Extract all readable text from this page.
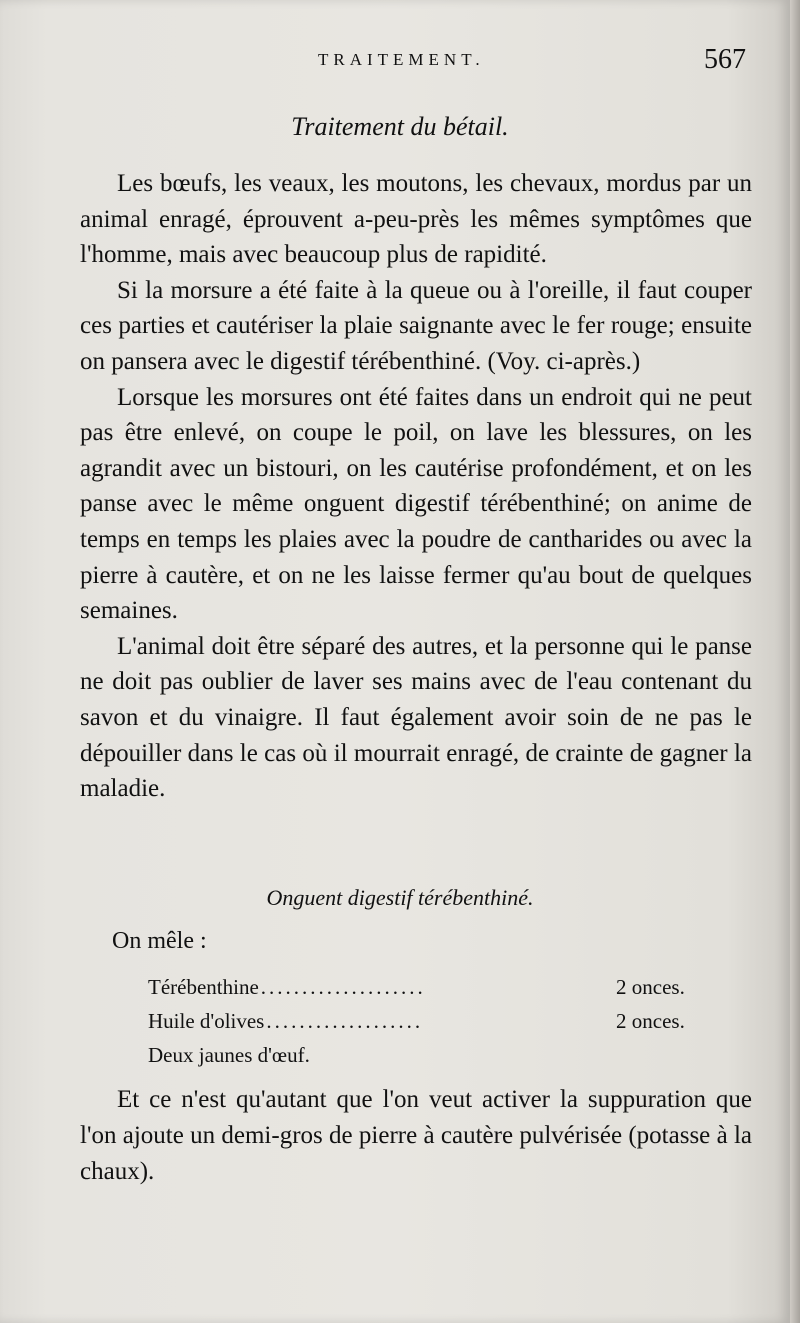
TRAITEMENT.	567
Traitement du bétail.

Les bœufs, les veaux, les moutons, les chevaux, mordus par un animal enragé, éprouvent a-peu-près les mêmes symptômes que l'homme, mais avec beaucoup plus de rapidité.

Si la morsure a été faite à la queue ou à l'oreille, il faut couper ces parties et cautériser la plaie saignante avec le fer rouge; ensuite on pansera avec le digestif térébenthiné. (Voy. ci-après.)

Lorsque les morsures ont été faites dans un endroit qui ne peut pas être enlevé, on coupe le poil, on lave les blessures, on les agrandit avec un bistouri, on les cautérise profondément, et on les panse avec le même onguent digestif térébenthiné; on anime de temps en temps les plaies avec la poudre de cantharides ou avec la pierre à cautère, et on ne les laisse fermer qu'au bout de quelques semaines.

L'animal doit être séparé des autres, et la personne qui le panse ne doit pas oublier de laver ses mains avec de l'eau contenant du savon et du vinaigre. Il faut également avoir soin de ne pas le dépouiller dans le cas où il mourrait enragé, de crainte de gagner la maladie.

Onguent digestif térébenthiné.
On mêle :
Térébenthine ....................	2 onces.
Huile d'olives ...................	2 onces.
Deux jaunes d'œuf.

Et ce n'est qu'autant que l'on veut activer la suppuration que l'on ajoute un demi-gros de pierre à cautère pulvérisée (potasse à la chaux).
